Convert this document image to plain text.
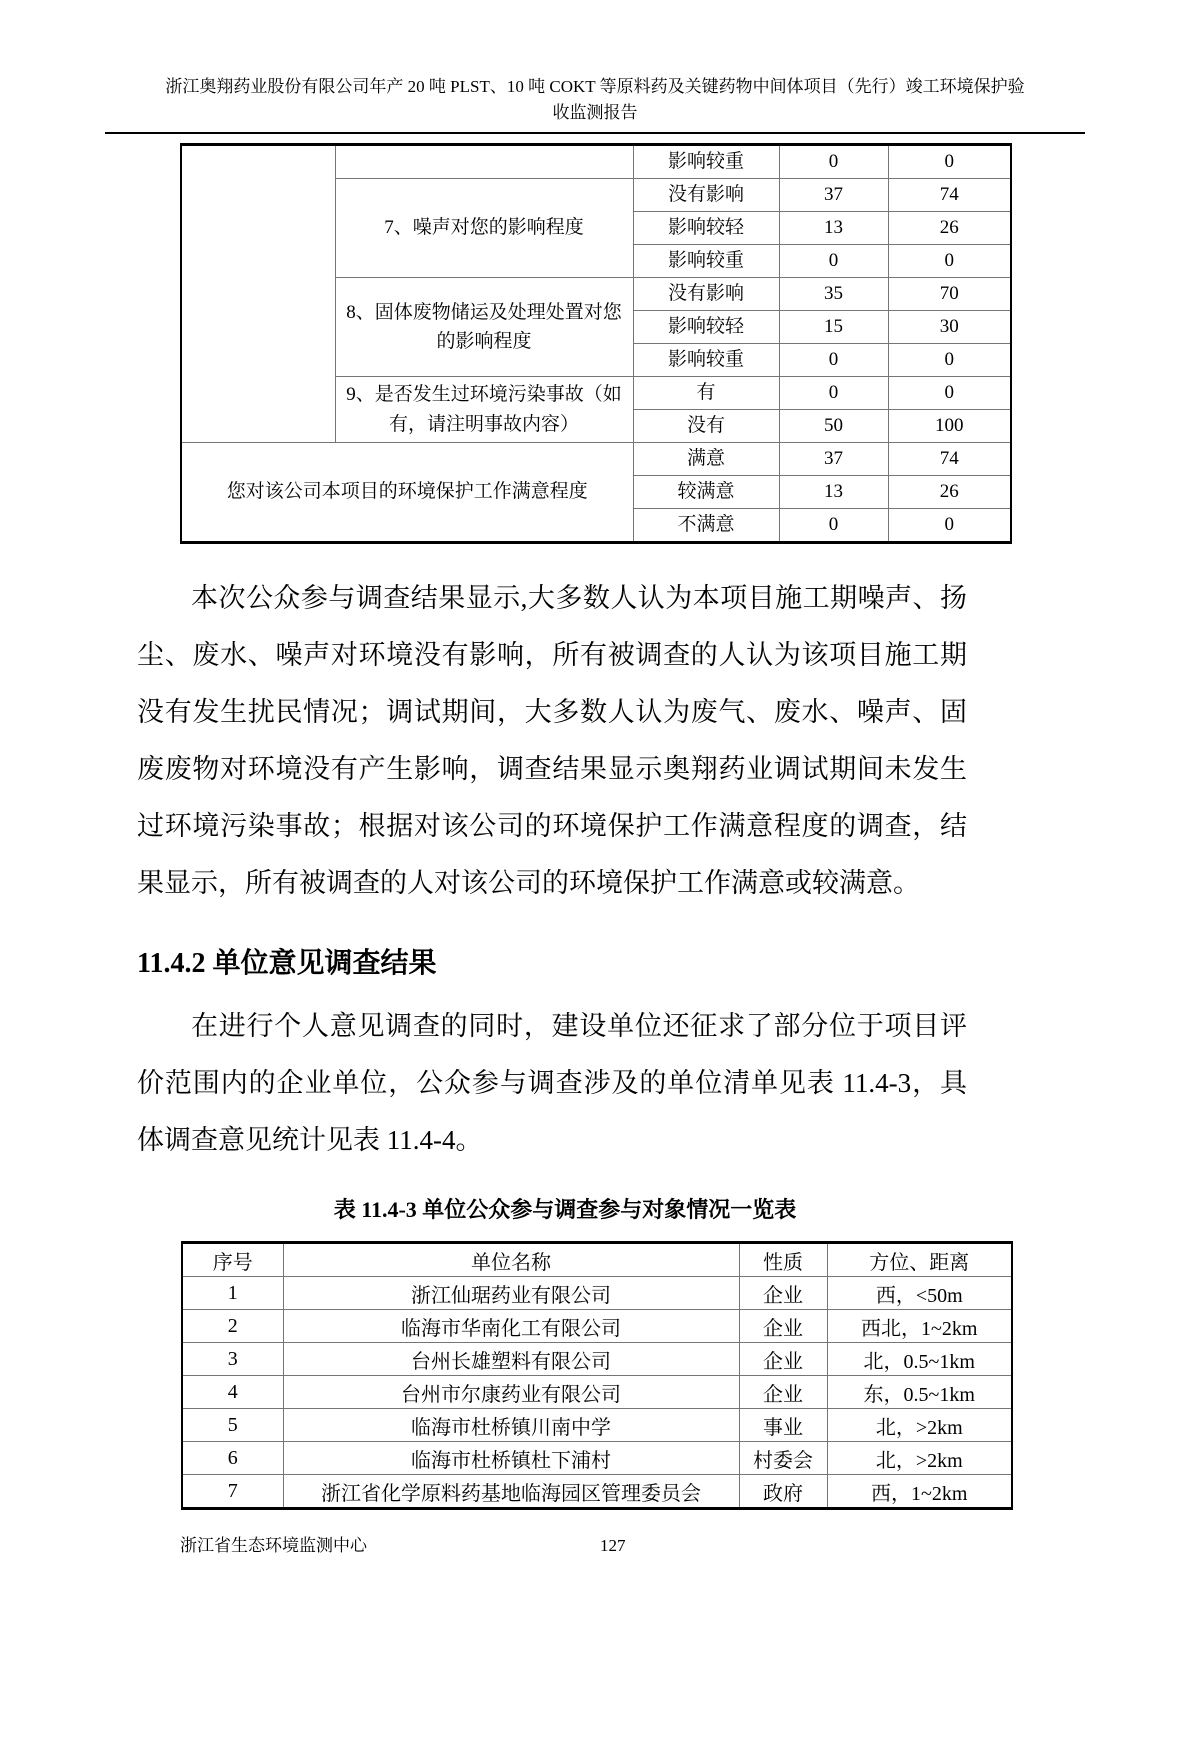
浙江奥翔药业股份有限公司年产 20 吨 PLST、10 吨 COKT 等原料药及关键药物中间体项目（先行）竣工环境保护验
收监测报告
		影响较重	0	0
	7、噪声对您的影响程度	没有影响	37	74
		影响较轻	13	26
		影响较重	0	0
	8、固体废物储运及处理处置对您的影响程度	没有影响	35	70
		影响较轻	15	30
		影响较重	0	0
	9、是否发生过环境污染事故（如有，请注明事故内容）	有	0	0
		没有	50	100
您对该公司本项目的环境保护工作满意程度		满意	37	74
		较满意	13	26
		不满意	0	0

本次公众参与调查结果显示,大多数人认为本项目施工期噪声、扬尘、废水、噪声对环境没有影响，所有被调查的人认为该项目施工期没有发生扰民情况；调试期间，大多数人认为废气、废水、噪声、固废废物对环境没有产生影响，调查结果显示奥翔药业调试期间未发生过环境污染事故；根据对该公司的环境保护工作满意程度的调查，结果显示，所有被调查的人对该公司的环境保护工作满意或较满意。

11.4.2 单位意见调查结果

在进行个人意见调查的同时，建设单位还征求了部分位于项目评价范围内的企业单位，公众参与调查涉及的单位清单见表 11.4-3，具体调查意见统计见表 11.4-4。

表 11.4-3 单位公众参与调查参与对象情况一览表
序号	单位名称	性质	方位、距离
1	浙江仙琚药业有限公司	企业	西，<50m
2	临海市华南化工有限公司	企业	西北，1~2km
3	台州长雄塑料有限公司	企业	北，0.5~1km
4	台州市尔康药业有限公司	企业	东，0.5~1km
5	临海市杜桥镇川南中学	事业	北，>2km
6	临海市杜桥镇杜下浦村	村委会	北，>2km
7	浙江省化学原料药基地临海园区管理委员会	政府	西，1~2km
浙江省生态环境监测中心	127
